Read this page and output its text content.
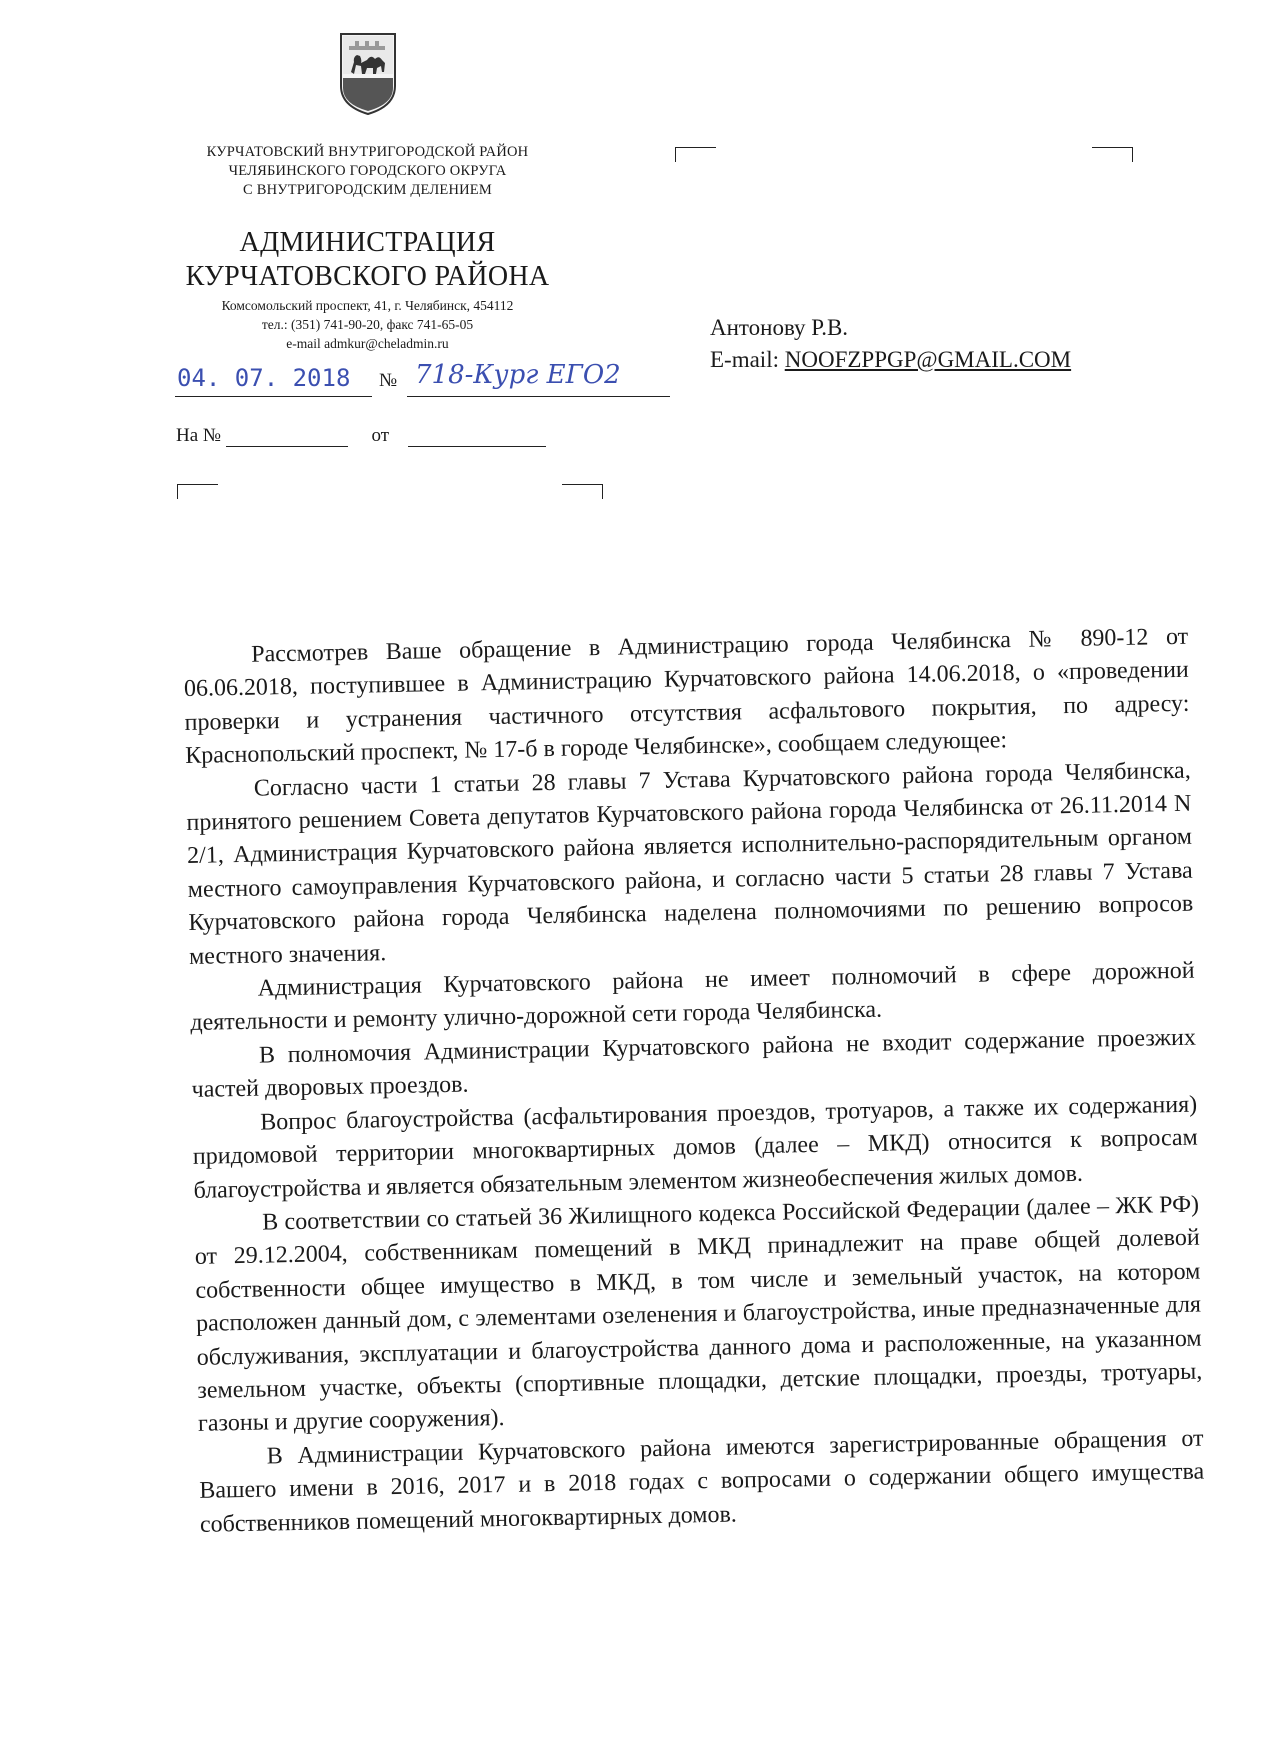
КУРЧАТОВСКИЙ ВНУТРИГОРОДСКОЙ РАЙОН
ЧЕЛЯБИНСКОГО ГОРОДСКОГО ОКРУГА
С ВНУТРИГОРОДСКИМ ДЕЛЕНИЕМ
АДМИНИСТРАЦИЯ
КУРЧАТОВСКОГО РАЙОНА
Комсомольский проспект, 41, г. Челябинск, 454112
тел.: (351) 741-90-20, факс 741-65-05
e-mail admkur@cheladmin.ru
04. 07. 2018	№ 718-Кург ЕГО2
На №	от
Антонову Р.В.
E-mail: NOOFZPPGP@GMAIL.COM

Рассмотрев Ваше обращение в Администрацию города Челябинска № 890-12 от 06.06.2018, поступившее в Администрацию Курчатовского района 14.06.2018, о «проведении проверки и устранения частичного отсутствия асфальтового покрытия, по адресу: Краснопольский проспект, № 17-б в городе Челябинске», сообщаем следующее:

Согласно части 1 статьи 28 главы 7 Устава Курчатовского района города Челябинска, принятого решением Совета депутатов Курчатовского района города Челябинска от 26.11.2014 N 2/1, Администрация Курчатовского района является исполнительно-распорядительным органом местного самоуправления Курчатовского района, и согласно части 5 статьи 28 главы 7 Устава Курчатовского района города Челябинска наделена полномочиями по решению вопросов местного значения.

Администрация Курчатовского района не имеет полномочий в сфере дорожной деятельности и ремонту улично-дорожной сети города Челябинска.

В полномочия Администрации Курчатовского района не входит содержание проезжих частей дворовых проездов.

Вопрос благоустройства (асфальтирования проездов, тротуаров, а также их содержания) придомовой территории многоквартирных домов (далее – МКД) относится к вопросам благоустройства и является обязательным элементом жизнеобеспечения жилых домов.

В соответствии со статьей 36 Жилищного кодекса Российской Федерации (далее – ЖК РФ) от 29.12.2004, собственникам помещений в МКД принадлежит на праве общей долевой собственности общее имущество в МКД, в том числе и земельный участок, на котором расположен данный дом, с элементами озеленения и благоустройства, иные предназначенные для обслуживания, эксплуатации и благоустройства данного дома и расположенные, на указанном земельном участке, объекты (спортивные площадки, детские площадки, проезды, тротуары, газоны и другие сооружения).

В Администрации Курчатовского района имеются зарегистрированные обращения от Вашего имени в 2016, 2017 и в 2018 годах с вопросами о содержании общего имущества собственников помещений многоквартирных домов.
